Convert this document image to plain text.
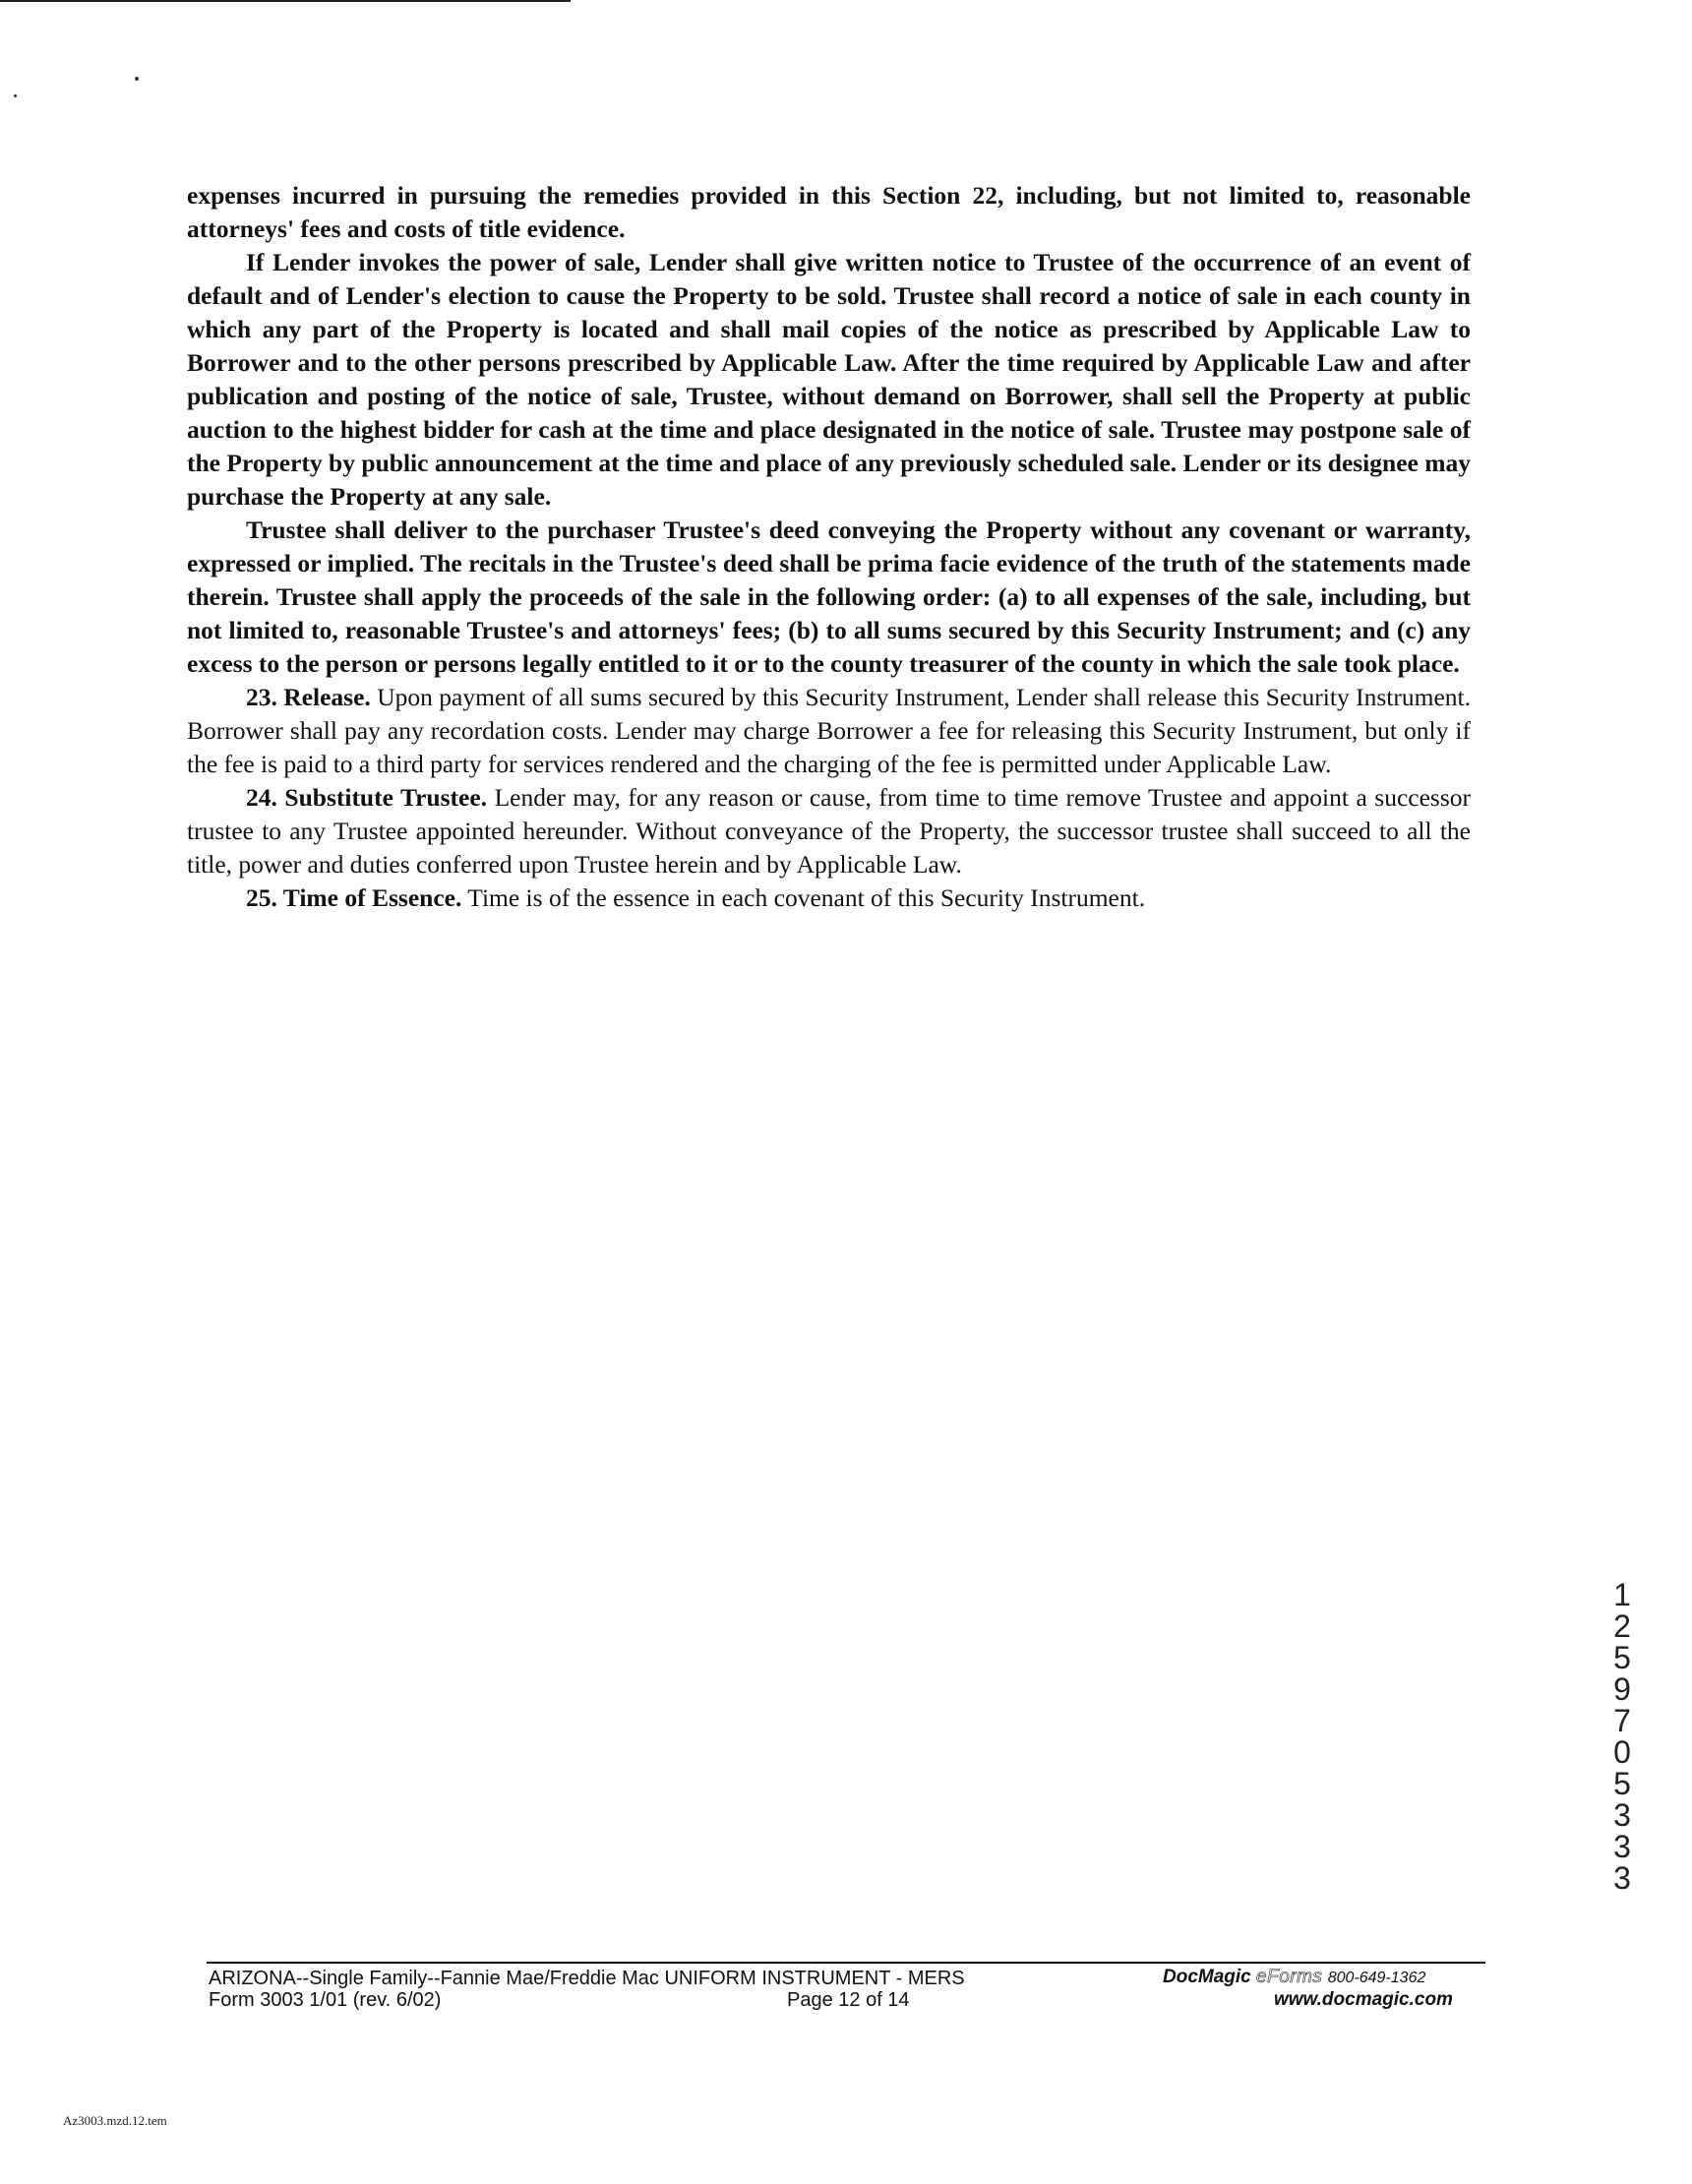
expenses incurred in pursuing the remedies provided in this Section 22, including, but not limited to, reasonable attorneys' fees and costs of title evidence.

If Lender invokes the power of sale, Lender shall give written notice to Trustee of the occurrence of an event of default and of Lender's election to cause the Property to be sold. Trustee shall record a notice of sale in each county in which any part of the Property is located and shall mail copies of the notice as prescribed by Applicable Law to Borrower and to the other persons prescribed by Applicable Law. After the time required by Applicable Law and after publication and posting of the notice of sale, Trustee, without demand on Borrower, shall sell the Property at public auction to the highest bidder for cash at the time and place designated in the notice of sale. Trustee may postpone sale of the Property by public announcement at the time and place of any previously scheduled sale. Lender or its designee may purchase the Property at any sale.

Trustee shall deliver to the purchaser Trustee's deed conveying the Property without any covenant or warranty, expressed or implied. The recitals in the Trustee's deed shall be prima facie evidence of the truth of the statements made therein. Trustee shall apply the proceeds of the sale in the following order: (a) to all expenses of the sale, including, but not limited to, reasonable Trustee's and attorneys' fees; (b) to all sums secured by this Security Instrument; and (c) any excess to the person or persons legally entitled to it or to the county treasurer of the county in which the sale took place.

23. Release. Upon payment of all sums secured by this Security Instrument, Lender shall release this Security Instrument. Borrower shall pay any recordation costs. Lender may charge Borrower a fee for releasing this Security Instrument, but only if the fee is paid to a third party for services rendered and the charging of the fee is permitted under Applicable Law.

24. Substitute Trustee. Lender may, for any reason or cause, from time to time remove Trustee and appoint a successor trustee to any Trustee appointed hereunder. Without conveyance of the Property, the successor trustee shall succeed to all the title, power and duties conferred upon Trustee herein and by Applicable Law.

25. Time of Essence. Time is of the essence in each covenant of this Security Instrument.

1
2
5
9
7
0
5
3
3
3
ARIZONA--Single Family--Fannie Mae/Freddie Mac UNIFORM INSTRUMENT - MERS
Form 3003 1/01 (rev. 6/02)	Page 12 of 14
DocMagic eForms 800-649-1362
www.docmagic.com
Az3003.mzd.12.tem
